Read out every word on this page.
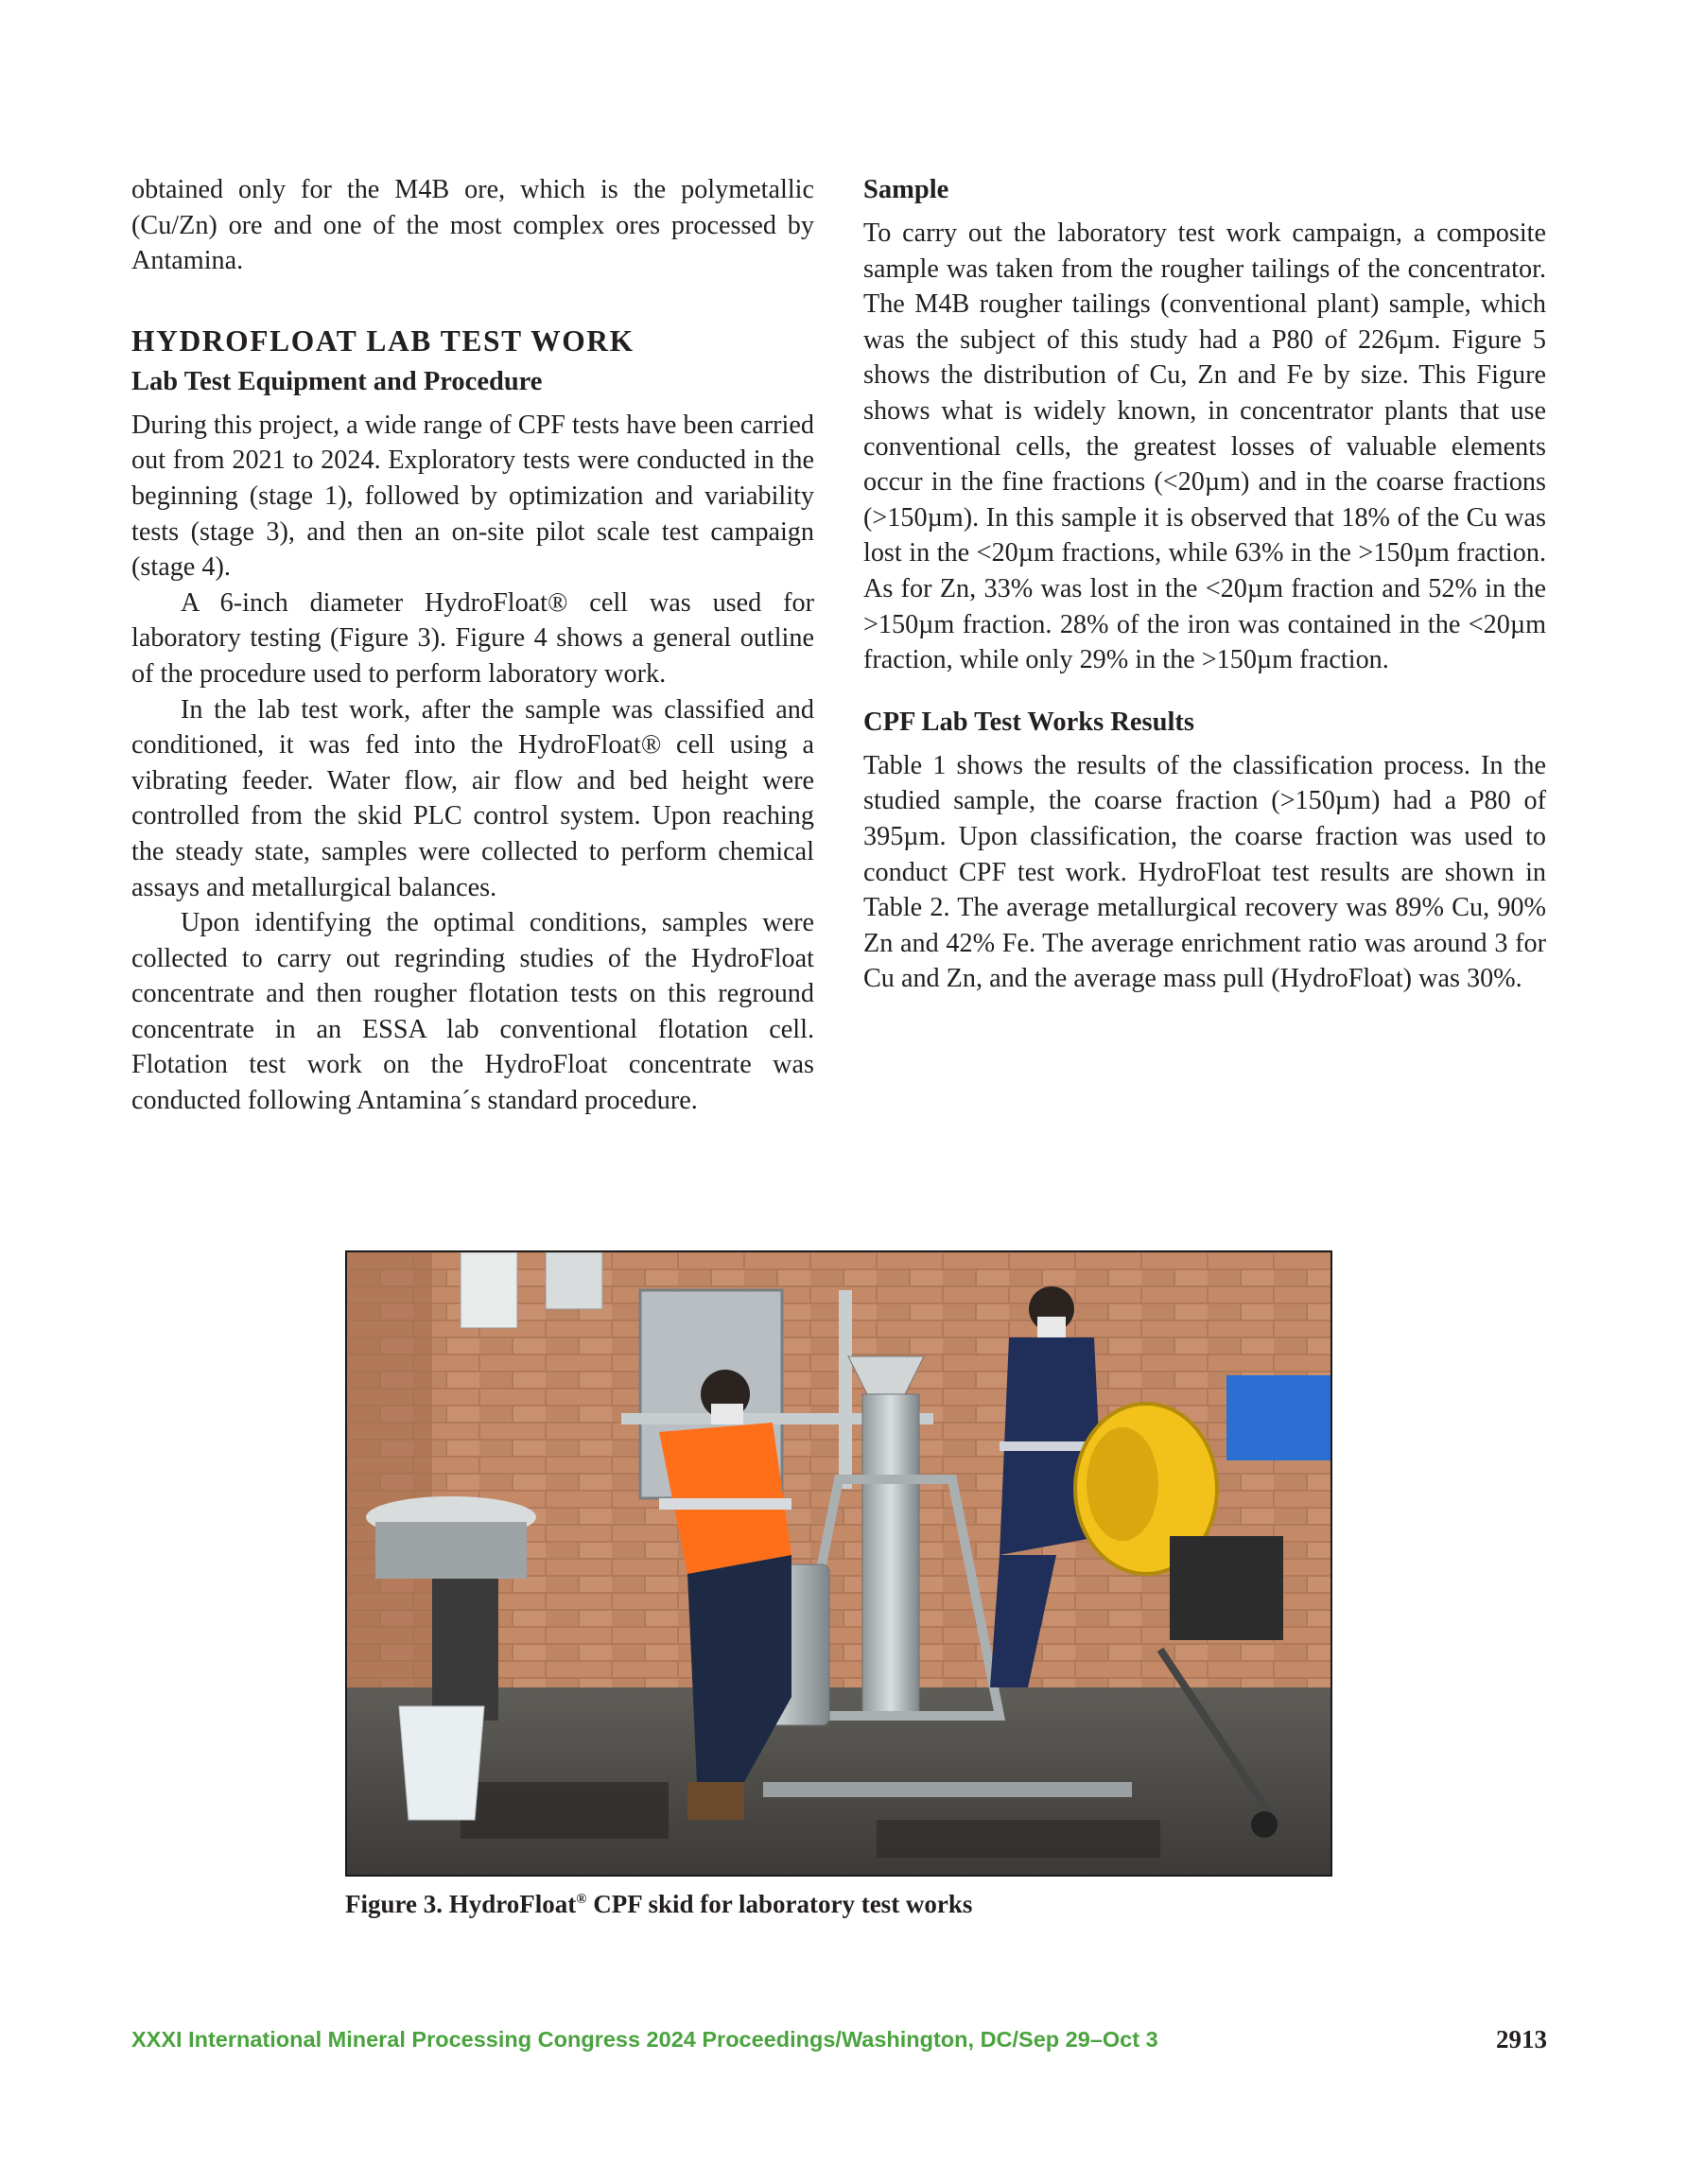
obtained only for the M4B ore, which is the polymetallic (Cu/Zn) ore and one of the most complex ores processed by Antamina.

HYDROFLOAT LAB TEST WORK
Lab Test Equipment and Procedure

During this project, a wide range of CPF tests have been carried out from 2021 to 2024. Exploratory tests were conducted in the beginning (stage 1), followed by optimization and variability tests (stage 3), and then an on-site pilot scale test campaign (stage 4).

A 6-inch diameter HydroFloat® cell was used for laboratory testing (Figure 3). Figure 4 shows a general outline of the procedure used to perform laboratory work.

In the lab test work, after the sample was classified and conditioned, it was fed into the HydroFloat® cell using a vibrating feeder. Water flow, air flow and bed height were controlled from the skid PLC control system. Upon reaching the steady state, samples were collected to perform chemical assays and metallurgical balances.

Upon identifying the optimal conditions, samples were collected to carry out regrinding studies of the HydroFloat concentrate and then rougher flotation tests on this reground concentrate in an ESSA lab conventional flotation cell. Flotation test work on the HydroFloat concentrate was conducted following Antamina´s standard procedure.

Sample

To carry out the laboratory test work campaign, a composite sample was taken from the rougher tailings of the concentrator. The M4B rougher tailings (conventional plant) sample, which was the subject of this study had a P80 of 226µm. Figure 5 shows the distribution of Cu, Zn and Fe by size. This Figure shows what is widely known, in concentrator plants that use conventional cells, the greatest losses of valuable elements occur in the fine fractions (<20µm) and in the coarse fractions (>150µm). In this sample it is observed that 18% of the Cu was lost in the <20µm fractions, while 63% in the >150µm fraction. As for Zn, 33% was lost in the <20µm fraction and 52% in the >150µm fraction. 28% of the iron was contained in the <20µm fraction, while only 29% in the >150µm fraction.

CPF Lab Test Works Results

Table 1 shows the results of the classification process. In the studied sample, the coarse fraction (>150µm) had a P80 of 395µm. Upon classification, the coarse fraction was used to conduct CPF test work. HydroFloat test results are shown in Table 2. The average metallurgical recovery was 89% Cu, 90% Zn and 42% Fe. The average enrichment ratio was around 3 for Cu and Zn, and the average mass pull (HydroFloat) was 30%.

Figure 3. HydroFloat® CPF skid for laboratory test works
XXXI International Mineral Processing Congress 2024 Proceedings/Washington, DC/Sep 29–Oct 3	2913
